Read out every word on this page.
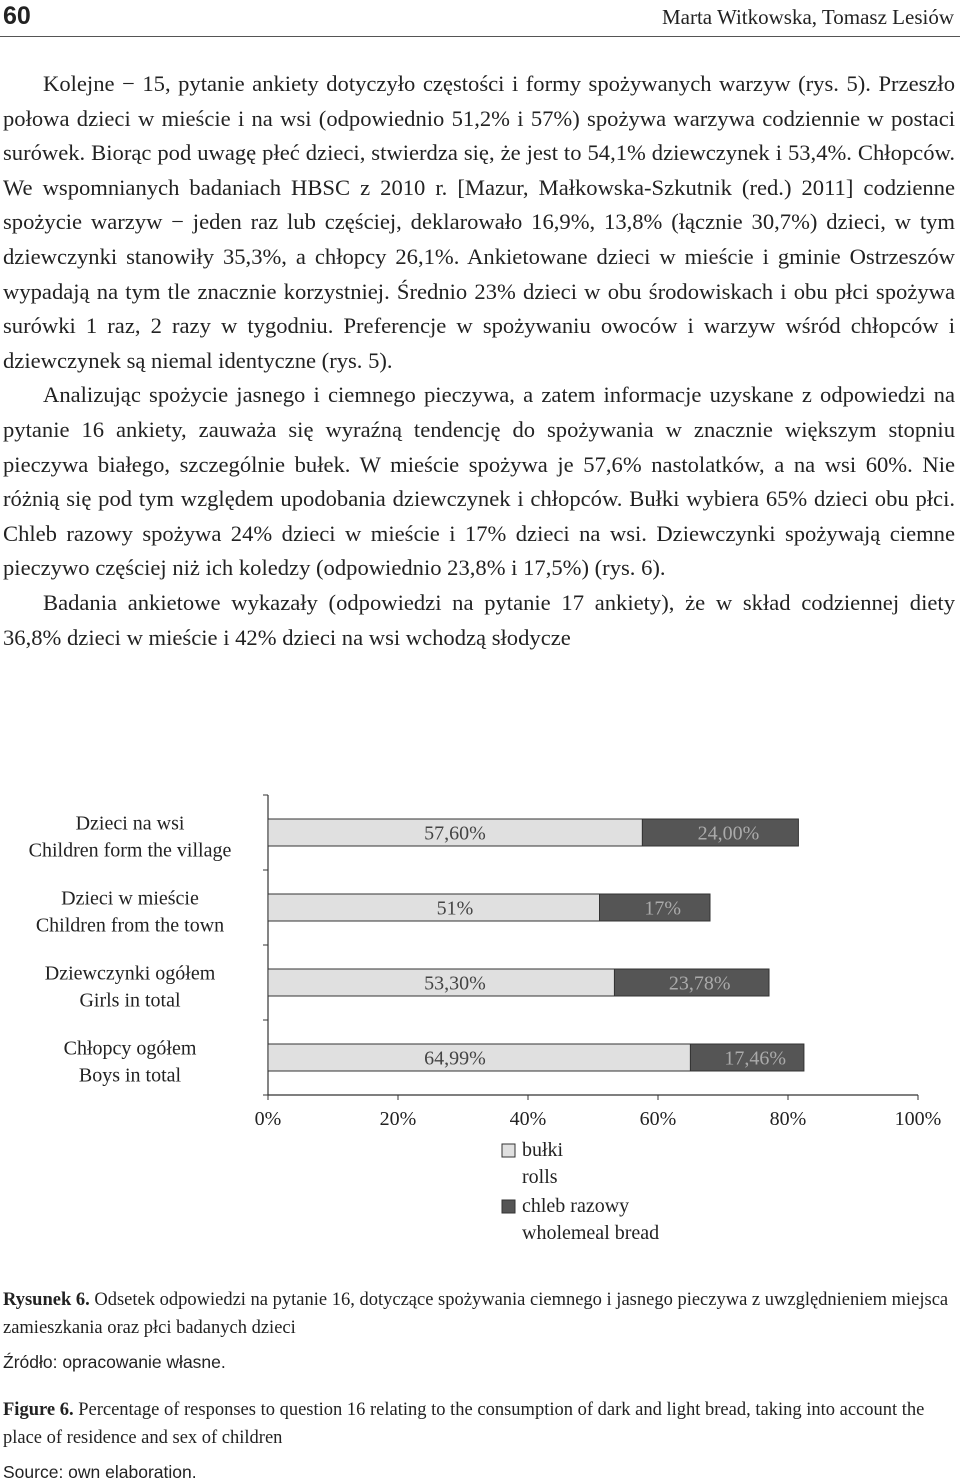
60	Marta Witkowska, Tomasz Lesiów

Kolejne − 15, pytanie ankiety dotyczyło częstości i formy spożywanych warzyw (rys. 5). Przeszło połowa dzieci w mieście i na wsi (odpowiednio 51,2% i 57%) spożywa warzywa codziennie w postaci surówek. Biorąc pod uwagę płeć dzieci, stwierdza się, że jest to 54,1% dziewczynek i 53,4%. Chłopców. We wspomnianych badaniach HBSC z 2010 r. [Mazur, Małkowska-Szkutnik (red.) 2011] codzienne spożycie warzyw − jeden raz lub częściej, deklarowało 16,9%, 13,8% (łącznie 30,7%) dzieci, w tym dziewczynki stanowiły 35,3%, a chłopcy 26,1%. Ankietowane dzieci w mieście i gminie Ostrzeszów wypadają na tym tle znacznie korzystniej. Średnio 23% dzieci w obu środowiskach i obu płci spożywa surówki 1 raz, 2 razy w tygodniu. Preferencje w spożywaniu owoców i warzyw wśród chłopców i dziewczynek są niemal identyczne (rys. 5).

Analizując spożycie jasnego i ciemnego pieczywa, a zatem informacje uzyskane z odpowiedzi na pytanie 16 ankiety, zauważa się wyraźną tendencję do spożywania w znacznie większym stopniu pieczywa białego, szczególnie bułek. W mieście spożywa je 57,6% nastolatków, a na wsi 60%. Nie różnią się pod tym względem upodobania dziewczynek i chłopców. Bułki wybiera 65% dzieci obu płci. Chleb razowy spożywa 24% dzieci w mieście i 17% dzieci na wsi. Dziewczynki spożywają ciemne pieczywo częściej niż ich koledzy (odpowiednio 23,8% i 17,5%) (rys. 6).

Badania ankietowe wykazały (odpowiedzi na pytanie 17 ankiety), że w skład codziennej diety 36,8% dzieci w mieście i 42% dzieci na wsi wchodzą słodycze

0%	20%	40%	60%	80%	100%
Dzieci na wsi
Children form the village
57,60%	24,00%
Dzieci w mieście
Children from the town
51%	17%
Dziewczynki ogółem
Girls in total
53,30%	23,78%
Chłopcy ogółem
Boys in total
64,99%	17,46%
bułki
rolls
chleb razowy
wholemeal bread
Rysunek 6. Odsetek odpowiedzi na pytanie 16, dotyczące spożywania ciemnego i jasnego pieczywa z uwzględnieniem miejsca zamieszkania oraz płci badanych dzieci
Źródło: opracowanie własne.
Figure 6. Percentage of responses to question 16 relating to the consumption of dark and light bread, taking into account the place of residence and sex of children
Source: own elaboration.
